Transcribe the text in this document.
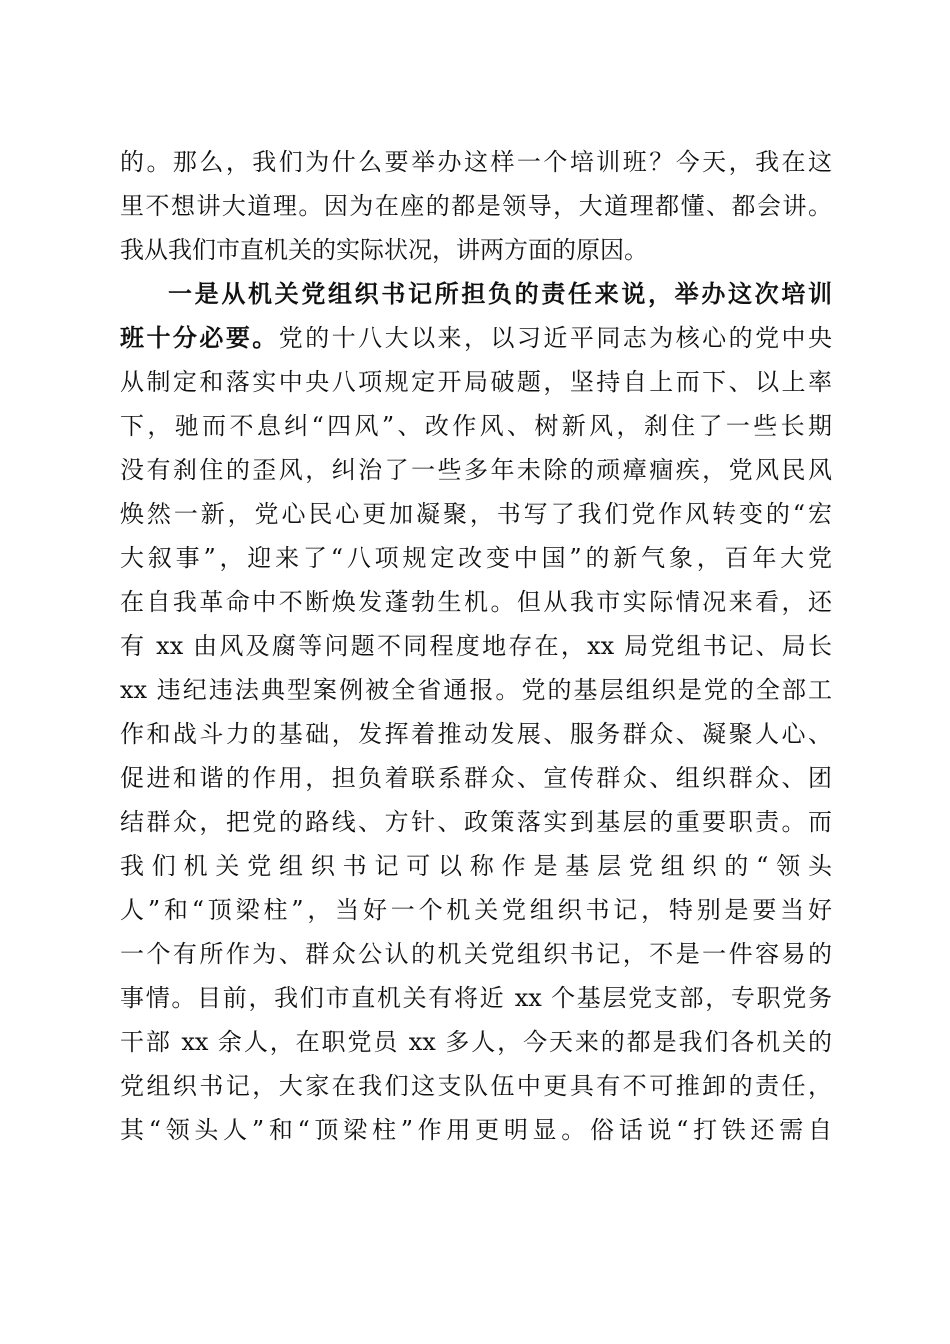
的。那么，我们为什么要举办这样一个培训班？今天，我在这
里不想讲大道理。因为在座的都是领导，大道理都懂、都会讲。
我从我们市直机关的实际状况，讲两方面的原因。
一是从机关党组织书记所担负的责任来说，举办这次培训
班十分必要。党的十八大以来，以习近平同志为核心的党中央
从制定和落实中央八项规定开局破题，坚持自上而下、以上率
下，驰而不息纠“四风”、改作风、树新风，刹住了一些长期
没有刹住的歪风，纠治了一些多年未除的顽瘴痼疾，党风民风
焕然一新，党心民心更加凝聚，书写了我们党作风转变的“宏
大叙事”，迎来了“八项规定改变中国”的新气象，百年大党
在自我革命中不断焕发蓬勃生机。但从我市实际情况来看，还
有 xx 由风及腐等问题不同程度地存在，xx 局党组书记、局长
xx 违纪违法典型案例被全省通报。党的基层组织是党的全部工
作和战斗力的基础，发挥着推动发展、服务群众、凝聚人心、
促进和谐的作用，担负着联系群众、宣传群众、组织群众、团
结群众，把党的路线、方针、政策落实到基层的重要职责。而
我们机关党组织书记可以称作是基层党组织的“领头
人”和“顶梁柱”，当好一个机关党组织书记，特别是要当好
一个有所作为、群众公认的机关党组织书记，不是一件容易的
事情。目前，我们市直机关有将近 xx 个基层党支部，专职党务
干部 xx 余人，在职党员 xx 多人，今天来的都是我们各机关的
党组织书记，大家在我们这支队伍中更具有不可推卸的责任，
其“领头人”和“顶梁柱”作用更明显。俗话说“打铁还需自
